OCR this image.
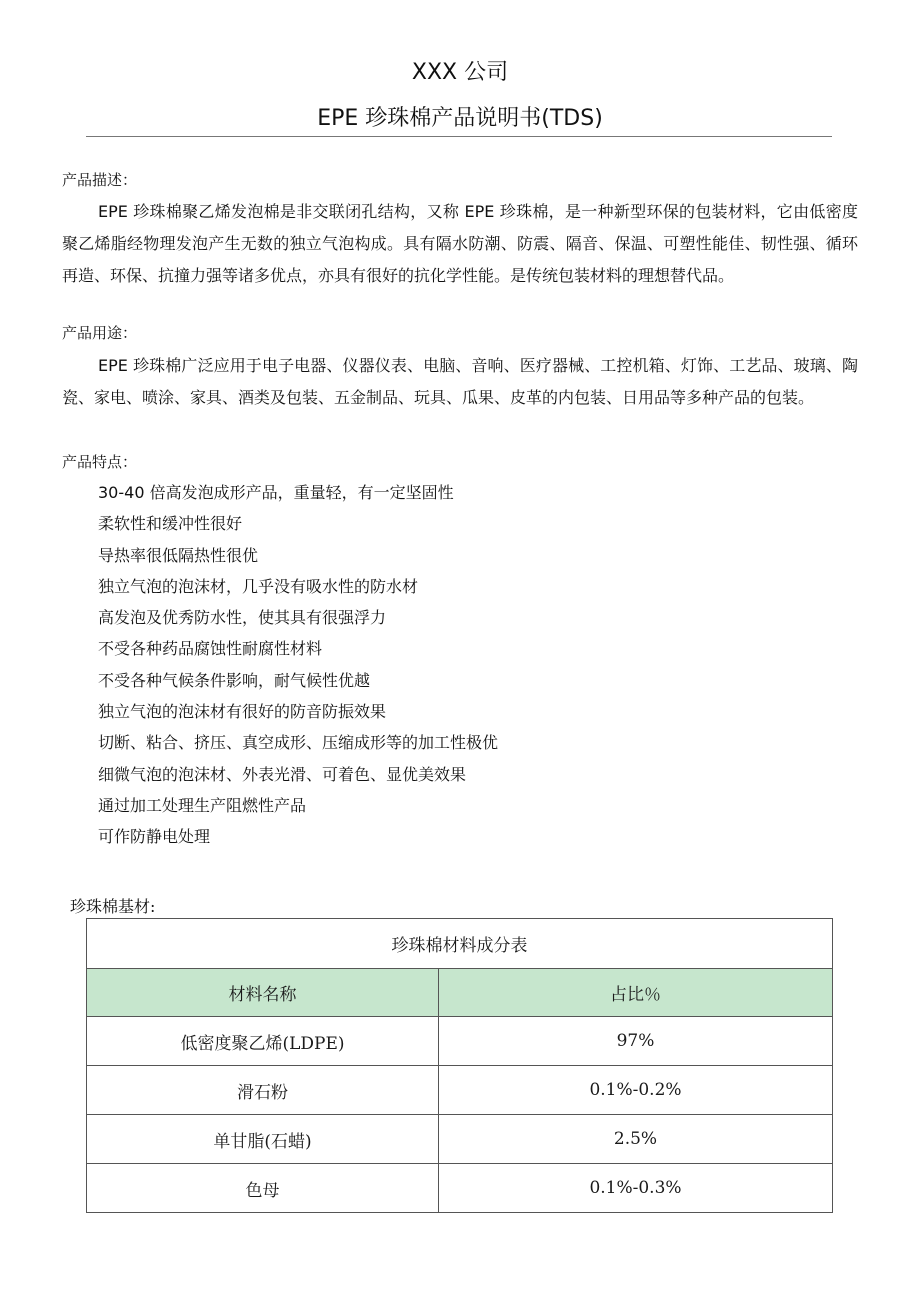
XXX 公司
EPE 珍珠棉产品说明书(TDS)
产品描述：
EPE 珍珠棉聚乙烯发泡棉是非交联闭孔结构，又称 EPE 珍珠棉，是一种新型环保的包装材料，它由低密度聚乙烯脂经物理发泡产生无数的独立气泡构成。具有隔水防潮、防震、隔音、保温、可塑性能佳、韧性强、循环再造、环保、抗撞力强等诸多优点，亦具有很好的抗化学性能。是传统包装材料的理想替代品。
产品用途：
EPE 珍珠棉广泛应用于电子电器、仪器仪表、电脑、音响、医疗器械、工控机箱、灯饰、工艺品、玻璃、陶瓷、家电、喷涂、家具、酒类及包装、五金制品、玩具、瓜果、皮革的内包装、日用品等多种产品的包装。
产品特点：
30-40 倍高发泡成形产品，重量轻，有一定坚固性
柔软性和缓冲性很好
导热率很低隔热性很优
独立气泡的泡沫材，几乎没有吸水性的防水材
高发泡及优秀防水性，使其具有很强浮力
不受各种药品腐蚀性耐腐性材料
不受各种气候条件影响，耐气候性优越
独立气泡的泡沫材有很好的防音防振效果
切断、粘合、挤压、真空成形、压缩成形等的加工性极优
细微气泡的泡沫材、外表光滑、可着色、显优美效果
通过加工处理生产阻燃性产品
可作防静电处理
珍珠棉基材:
珍珠棉材料成分表	
材料名称	占比％
低密度聚乙烯(LDPE)	97%
滑石粉	0.1%-0.2%
单甘脂(石蜡)	2.5%
色母	0.1%-0.3%
